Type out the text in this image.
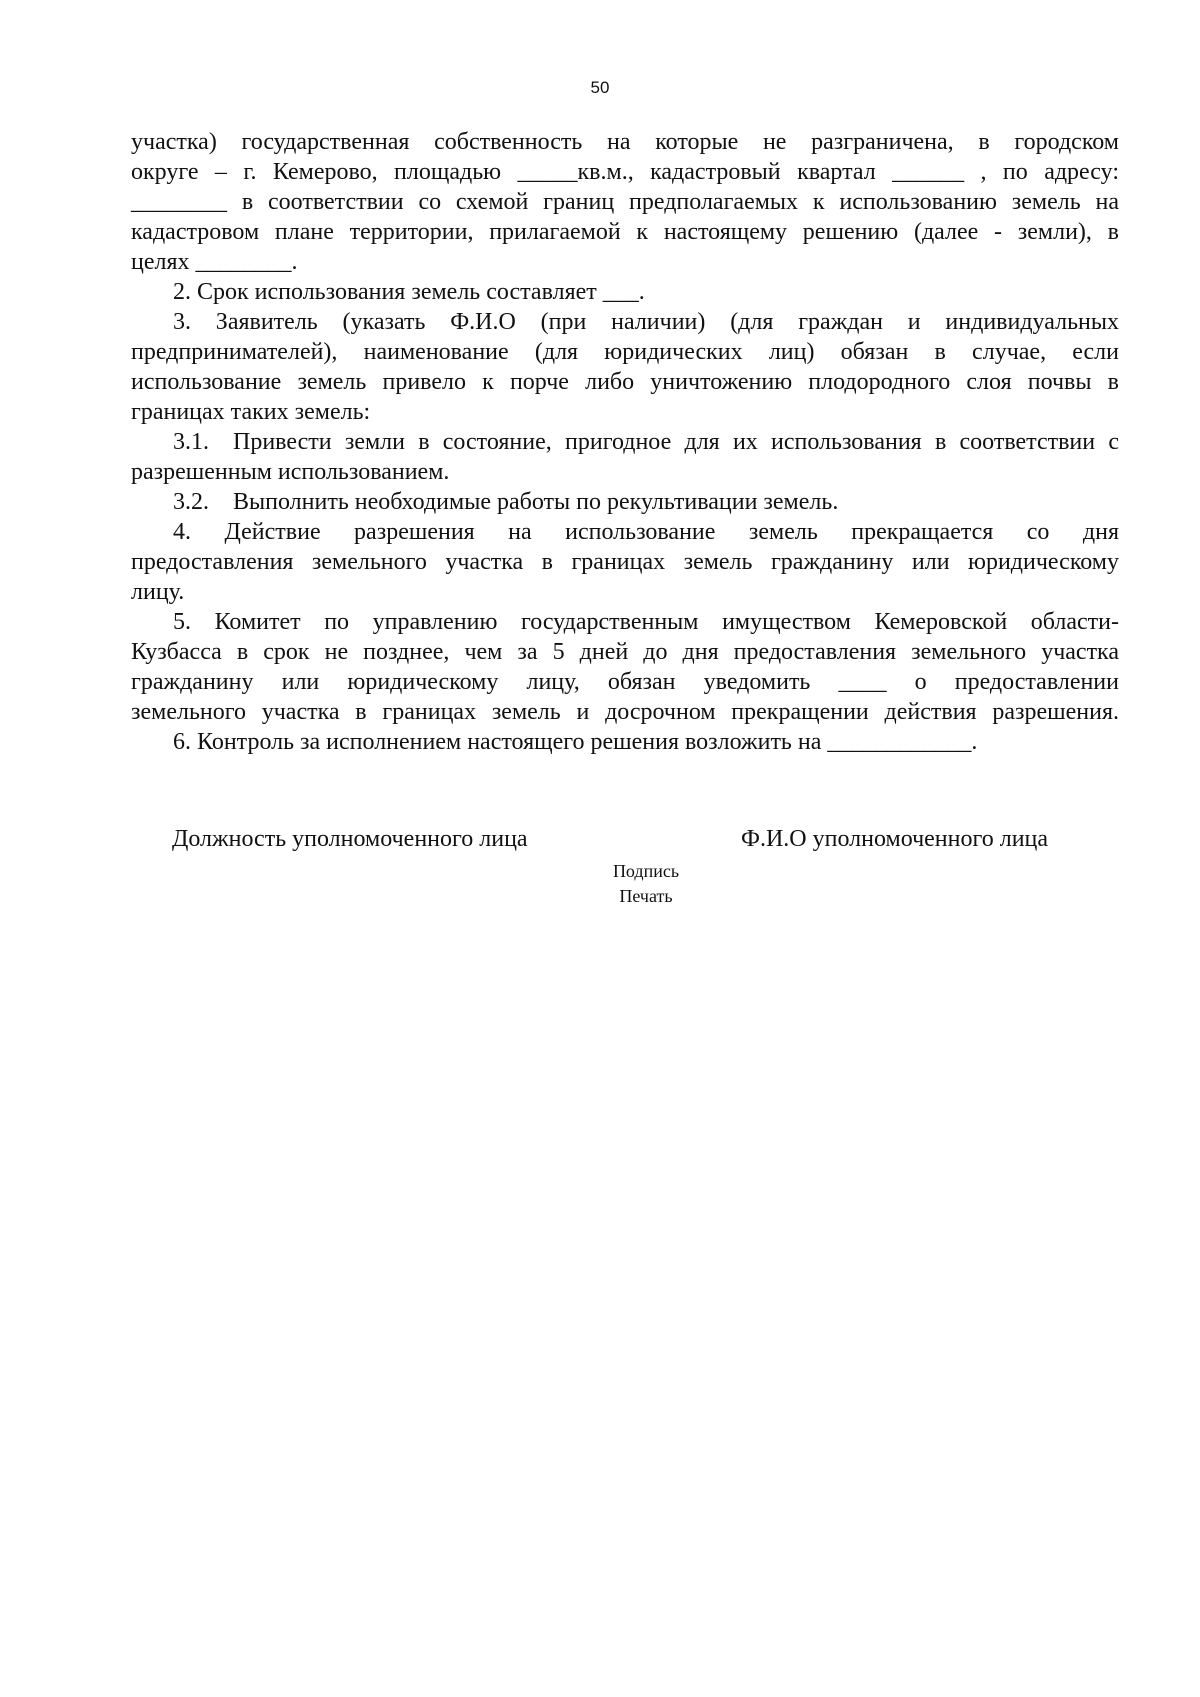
50
участка) государственная собственность на которые не разграничена, в городском
округе – г. Кемерово, площадью _____кв.м., кадастровый квартал ______ , по адресу:
________ в соответствии со схемой границ предполагаемых к использованию земель на
кадастровом плане территории, прилагаемой к настоящему решению (далее - земли), в
целях ________.
2. Срок использования земель составляет ___.
3. Заявитель (указать Ф.И.О (при наличии) (для граждан и индивидуальных
предпринимателей), наименование (для юридических лиц) обязан в случае, если
использование земель привело к порче либо уничтожению плодородного слоя почвы в
границах таких земель:
3.1. Привести земли в состояние, пригодное для их использования в соответствии с
разрешенным использованием.
3.2. Выполнить необходимые работы по рекультивации земель.
4. Действие разрешения на использование земель прекращается со дня
предоставления земельного участка в границах земель гражданину или юридическому
лицу.
5. Комитет по управлению государственным имуществом Кемеровской области-
Кузбасса в срок не позднее, чем за 5 дней до дня предоставления земельного участка
гражданину или юридическому лицу, обязан уведомить ____ о предоставлении
земельного участка в границах земель и досрочном прекращении действия разрешения.
6. Контроль за исполнением настоящего решения возложить на ____________.
Должность уполномоченного лица	Ф.И.О уполномоченного лица
Подпись
Печать
